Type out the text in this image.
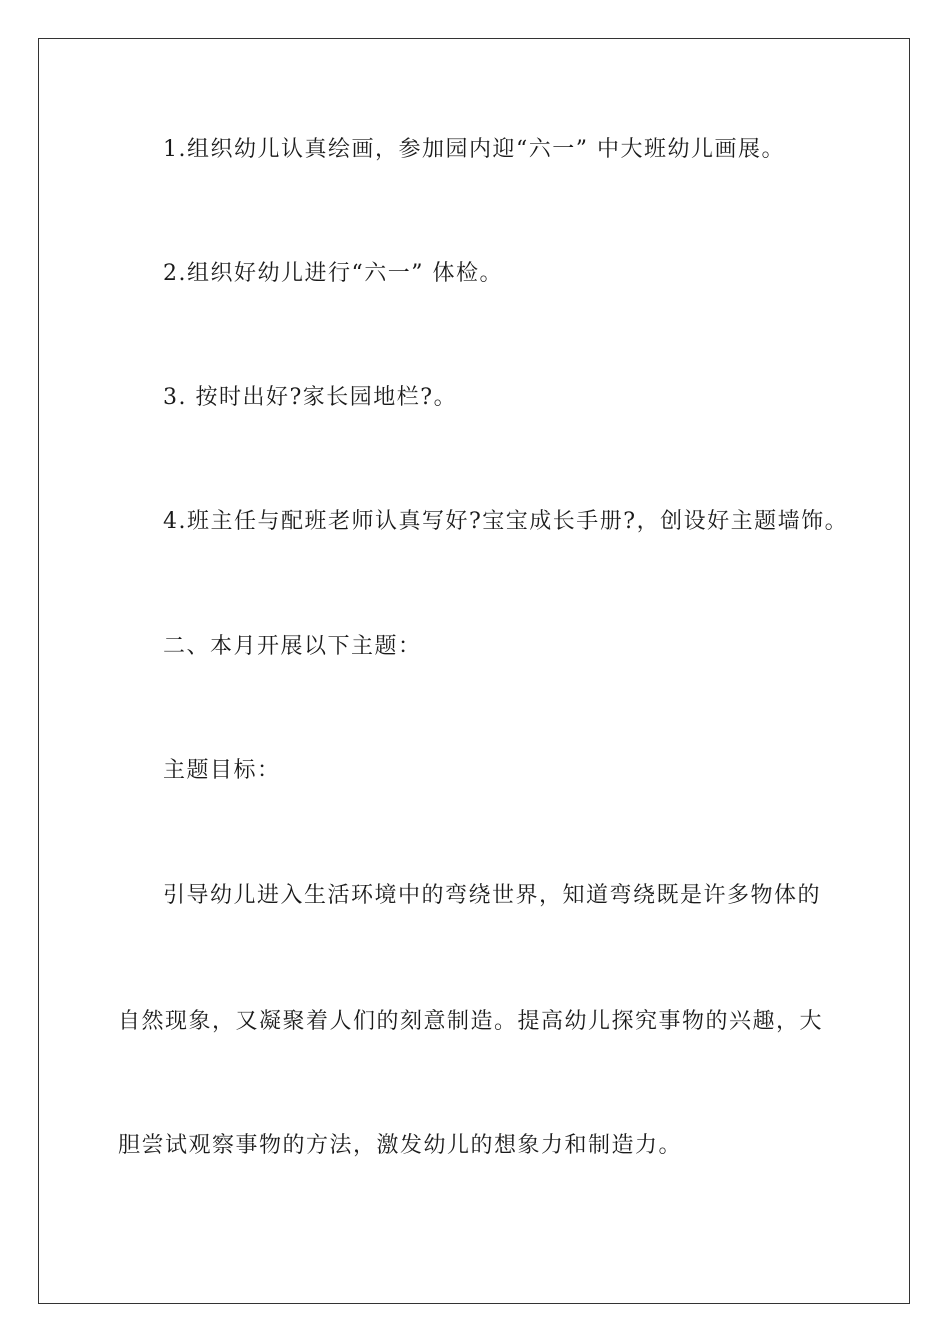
1.组织幼儿认真绘画，参加园内迎“六一” 中大班幼儿画展。
2.组织好幼儿进行“六一” 体检。
3. 按时出好?家长园地栏?。
4.班主任与配班老师认真写好?宝宝成长手册?，创设好主题墙饰。
二、本月开展以下主题：
主题目标：
引导幼儿进入生活环境中的弯绕世界，知道弯绕既是许多物体的
自然现象，又凝聚着人们的刻意制造。提高幼儿探究事物的兴趣，大
胆尝试观察事物的方法，激发幼儿的想象力和制造力。
